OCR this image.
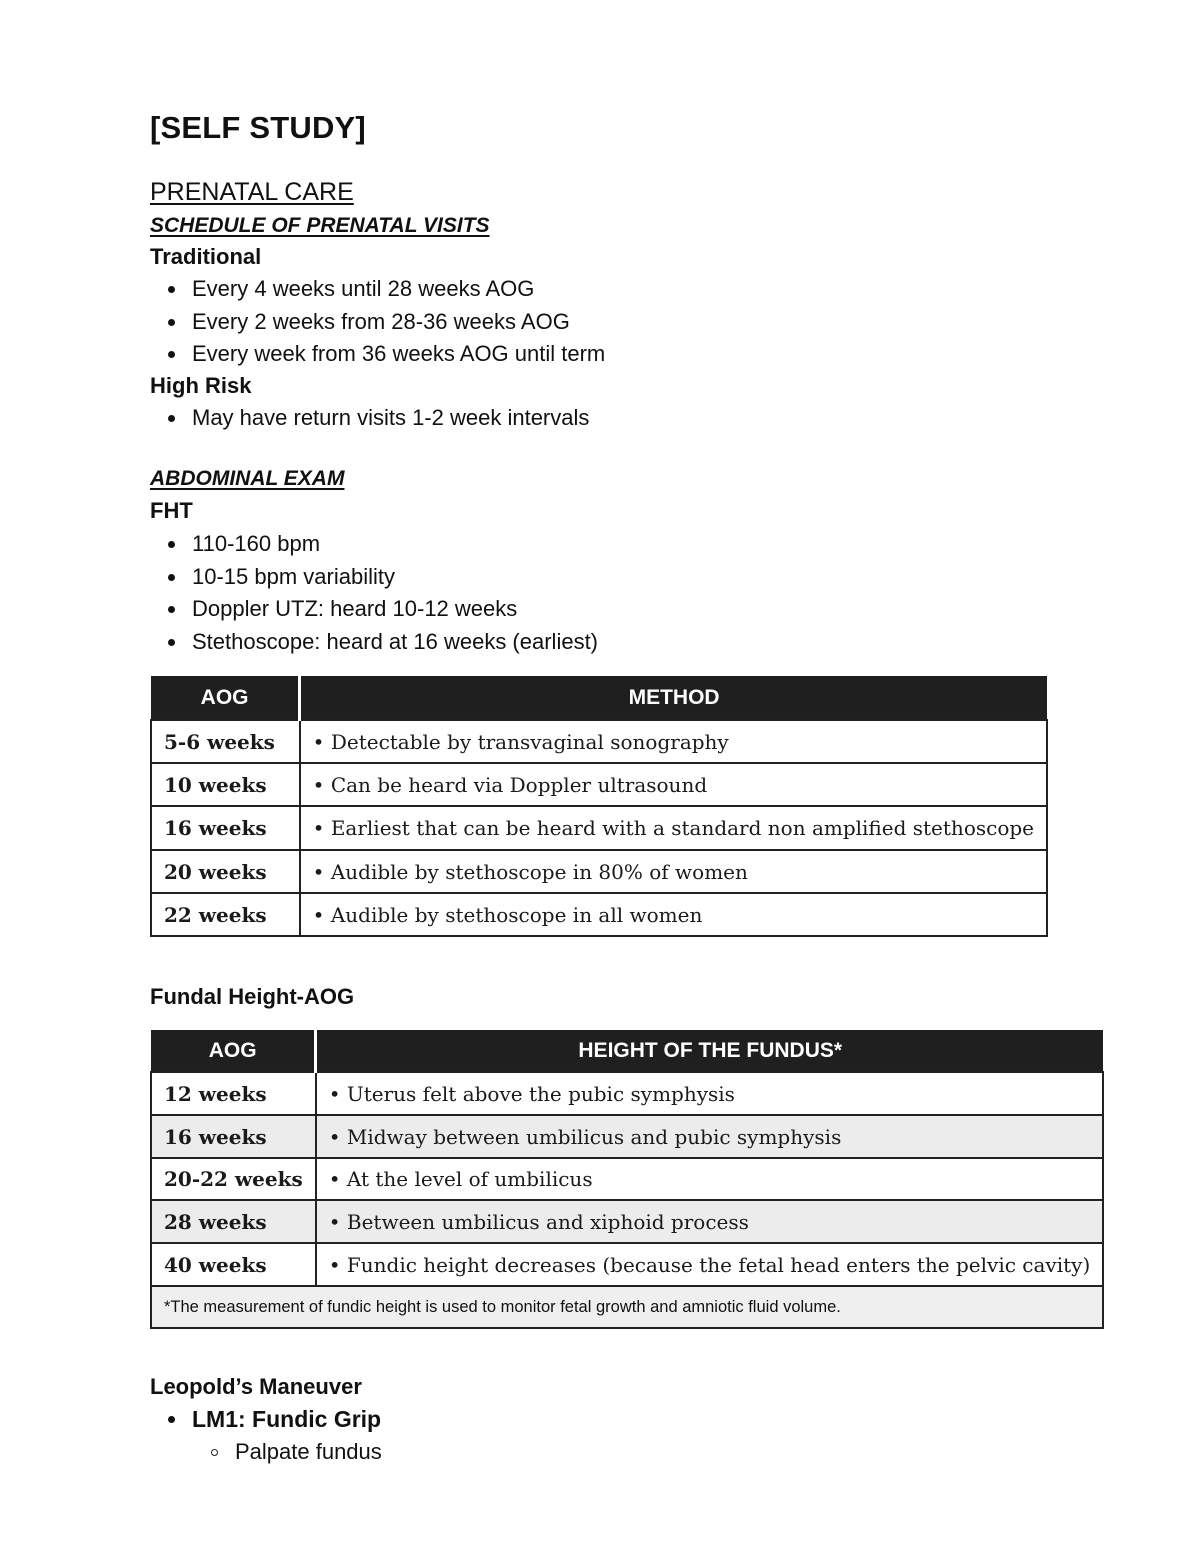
[SELF STUDY]
PRENATAL CARE
SCHEDULE OF PRENATAL VISITS
Traditional
Every 4 weeks until 28 weeks AOG
Every 2 weeks from 28-36 weeks AOG
Every week from 36 weeks AOG until term
High Risk
May have return visits 1-2 week intervals
ABDOMINAL EXAM
FHT
110-160 bpm
10-15 bpm variability
Doppler UTZ: heard 10-12 weeks
Stethoscope: heard at 16 weeks (earliest)
AOG	METHOD
5-6 weeks	• Detectable by transvaginal sonography
10 weeks	• Can be heard via Doppler ultrasound
16 weeks	• Earliest that can be heard with a standard non amplified stethoscope
20 weeks	• Audible by stethoscope in 80% of women
22 weeks	• Audible by stethoscope in all women
Fundal Height-AOG
AOG	HEIGHT OF THE FUNDUS*
12 weeks	• Uterus felt above the pubic symphysis
16 weeks	• Midway between umbilicus and pubic symphysis
20-22 weeks	• At the level of umbilicus
28 weeks	• Between umbilicus and xiphoid process
40 weeks	• Fundic height decreases (because the fetal head enters the pelvic cavity)
*The measurement of fundic height is used to monitor fetal growth and amniotic fluid volume.	
Leopold’s Maneuver
LM1: Fundic Grip
Palpate fundus
